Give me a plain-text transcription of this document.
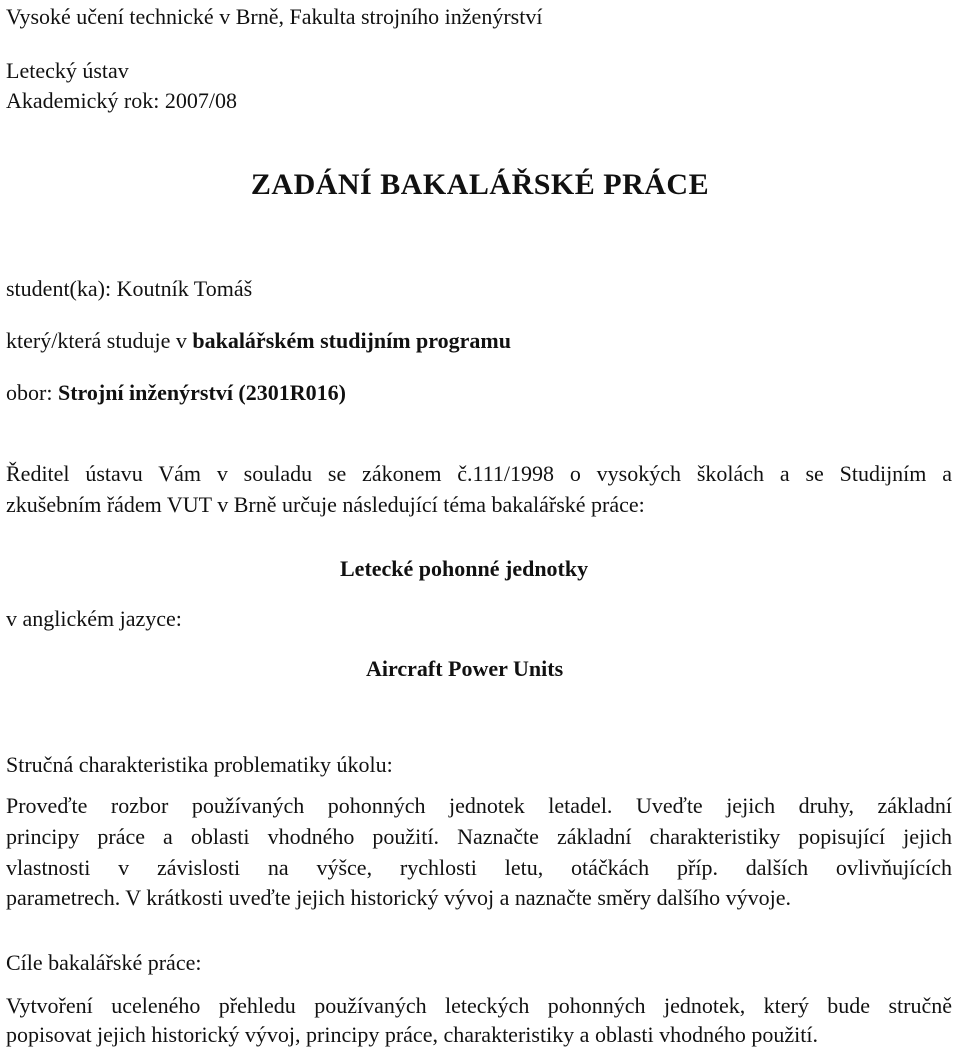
Vysoké učení technické v Brně, Fakulta strojního inženýrství
Letecký ústav
Akademický rok: 2007/08
ZADÁNÍ BAKALÁŘSKÉ PRÁCE
student(ka): Koutník Tomáš
který/která studuje v bakalářském studijním programu
obor: Strojní inženýrství (2301R016)
Ředitel ústavu Vám v souladu se zákonem č.111/1998 o vysokých školách a se Studijním a
zkušebním řádem VUT v Brně určuje následující téma bakalářské práce:
Letecké pohonné jednotky
v anglickém jazyce:
Aircraft Power Units
Stručná charakteristika problematiky úkolu:
Proveďte rozbor používaných pohonných jednotek letadel. Uveďte jejich druhy, základní
principy práce a oblasti vhodného použití. Naznačte základní charakteristiky popisující jejich
vlastnosti v závislosti na výšce, rychlosti letu, otáčkách příp. dalších ovlivňujících
parametrech. V krátkosti uveďte jejich historický vývoj a naznačte směry dalšího vývoje.
Cíle bakalářské práce:
Vytvoření uceleného přehledu používaných leteckých pohonných jednotek, který bude stručně
popisovat jejich historický vývoj, principy práce, charakteristiky a oblasti vhodného použití.
